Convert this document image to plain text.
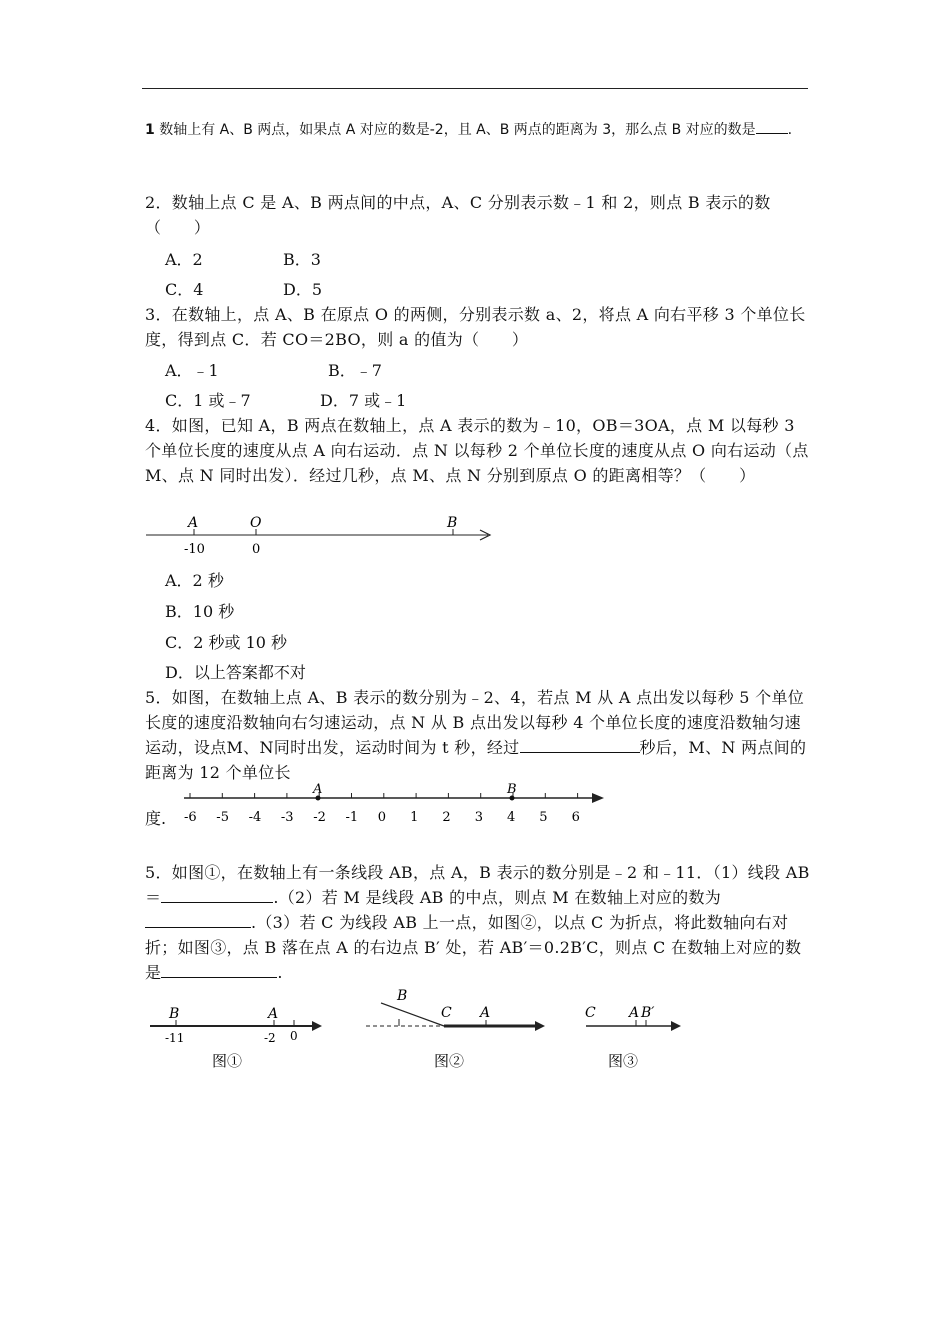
1 数轴上有 A、B 两点，如果点 A 对应的数是-2，且 A、B 两点的距离为 3，那么点 B 对应的数是 .
2．数轴上点 C 是 A、B 两点间的中点，A、C 分别表示数﹣1 和 2，则点 B 表示的数（　　）
A．2	B．3
C．4	D．5
3．在数轴上，点 A、B 在原点 O 的两侧，分别表示数 a、2，将点 A 向右平移 3 个单位长度，得到点 C．若 CO＝2BO，则 a 的值为（　　）
A．﹣1	B．﹣7
C．1 或﹣7	D．7 或﹣1
4．如图，已知 A，B 两点在数轴上，点 A 表示的数为﹣10，OB＝3OA，点 M 以每秒 3 个单位长度的速度从点 A 向右运动．点 N 以每秒 2 个单位长度的速度从点 O 向右运动（点 M、点 N 同时出发）．经过几秒，点 M、点 N 分别到原点 O 的距离相等？（　　）
A	O	B
-10	0
A．2 秒
B．10 秒
C．2 秒或 10 秒
D．以上答案都不对
5．如图，在数轴上点 A、B 表示的数分别为﹣2、4，若点 M 从 A 点出发以每秒 5 个单位长度的速度沿数轴向右匀速运动，点 N 从 B 点出发以每秒 4 个单位长度的速度沿数轴匀速运动，设点M、N同时出发，运动时间为 t 秒，经过	秒后，M、N 两点间的距离为 12 个单位长
度. -6 -5 -4 -3 -2 -1 0 1 2 3 4 5 6
A	B
5．如图①，在数轴上有一条线段 AB，点 A，B 表示的数分别是﹣2 和﹣11．（1）线段 AB＝	.（2）若 M 是线段 AB 的中点，则点 M 在数轴上对应的数为.（3）若 C 为线段 AB 上一点，如图②，以点 C 为折点，将此数轴向右对折；如图③，点 B 落在点 A 的右边点 B′ 处，若 AB′＝0.2B′C，则点 C 在数轴上对应的数是	.
B	A
-11	-2 0
图①
B
C A
图②
C A B′
图③
